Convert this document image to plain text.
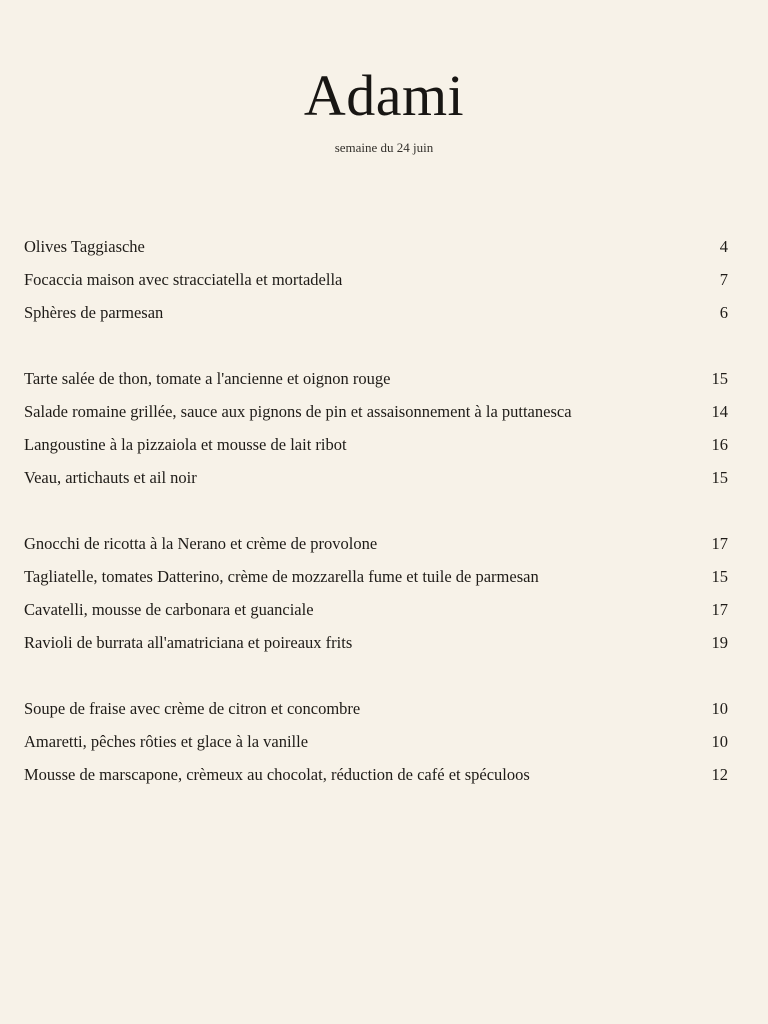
Adami
semaine du 24 juin
Olives Taggiasche	4
Focaccia maison avec stracciatella et mortadella	7
Sphères de parmesan	6
Tarte salée de thon, tomate a l'ancienne et oignon rouge	15
Salade romaine grillée, sauce aux pignons de pin et assaisonnement à la puttanesca	14
Langoustine à la pizzaiola et mousse de lait ribot	16
Veau, artichauts et ail noir	15
Gnocchi de ricotta à la Nerano et crème de provolone	17
Tagliatelle, tomates Datterino, crème de mozzarella fume et tuile de parmesan	15
Cavatelli, mousse de carbonara et guanciale	17
Ravioli de burrata all'amatriciana et poireaux frits	19
Soupe de fraise avec crème de citron et concombre	10
Amaretti, pêches rôties et glace à la vanille	10
Mousse de marscapone, crèmeux au chocolat, réduction de café et spéculoos	12
